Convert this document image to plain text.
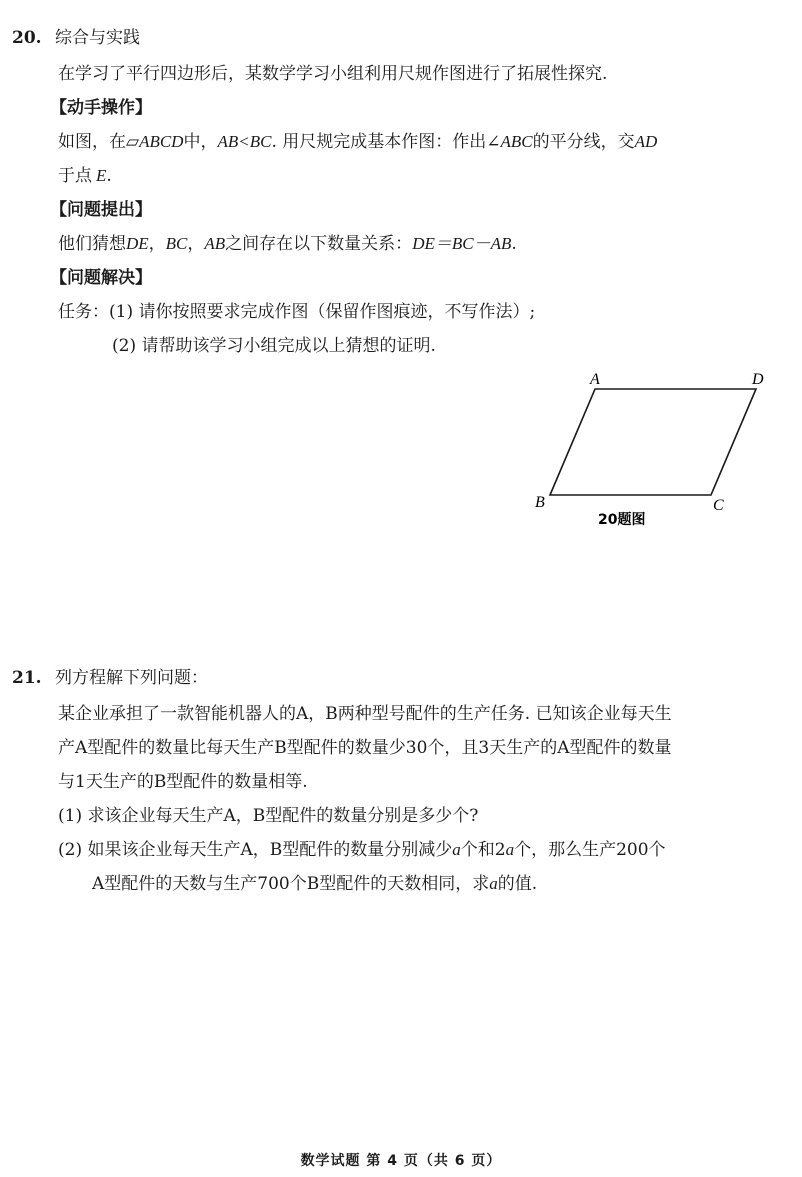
20. 综合与实践
在学习了平行四边形后，某数学学习小组利用尺规作图进行了拓展性探究.
【动手操作】
如图，在▱ABCD中，AB<BC. 用尺规完成基本作图：作出∠ABC的平分线，交AD
于点 E.
【问题提出】
他们猜想DE，BC，AB之间存在以下数量关系：DE＝BC－AB.
【问题解决】
任务：(1) 请你按照要求完成作图（保留作图痕迹，不写作法）;
(2) 请帮助该学习小组完成以上猜想的证明.
A	D
B	C
20题图
21. 列方程解下列问题：
某企业承担了一款智能机器人的A，B两种型号配件的生产任务. 已知该企业每天生
产A型配件的数量比每天生产B型配件的数量少30个，且3天生产的A型配件的数量
与1天生产的B型配件的数量相等.
(1) 求该企业每天生产A，B型配件的数量分别是多少个?
(2) 如果该企业每天生产A，B型配件的数量分别减少a个和2a个，那么生产200个
A型配件的天数与生产700个B型配件的天数相同，求a的值.
数学试题 第 4 页（共 6 页）
